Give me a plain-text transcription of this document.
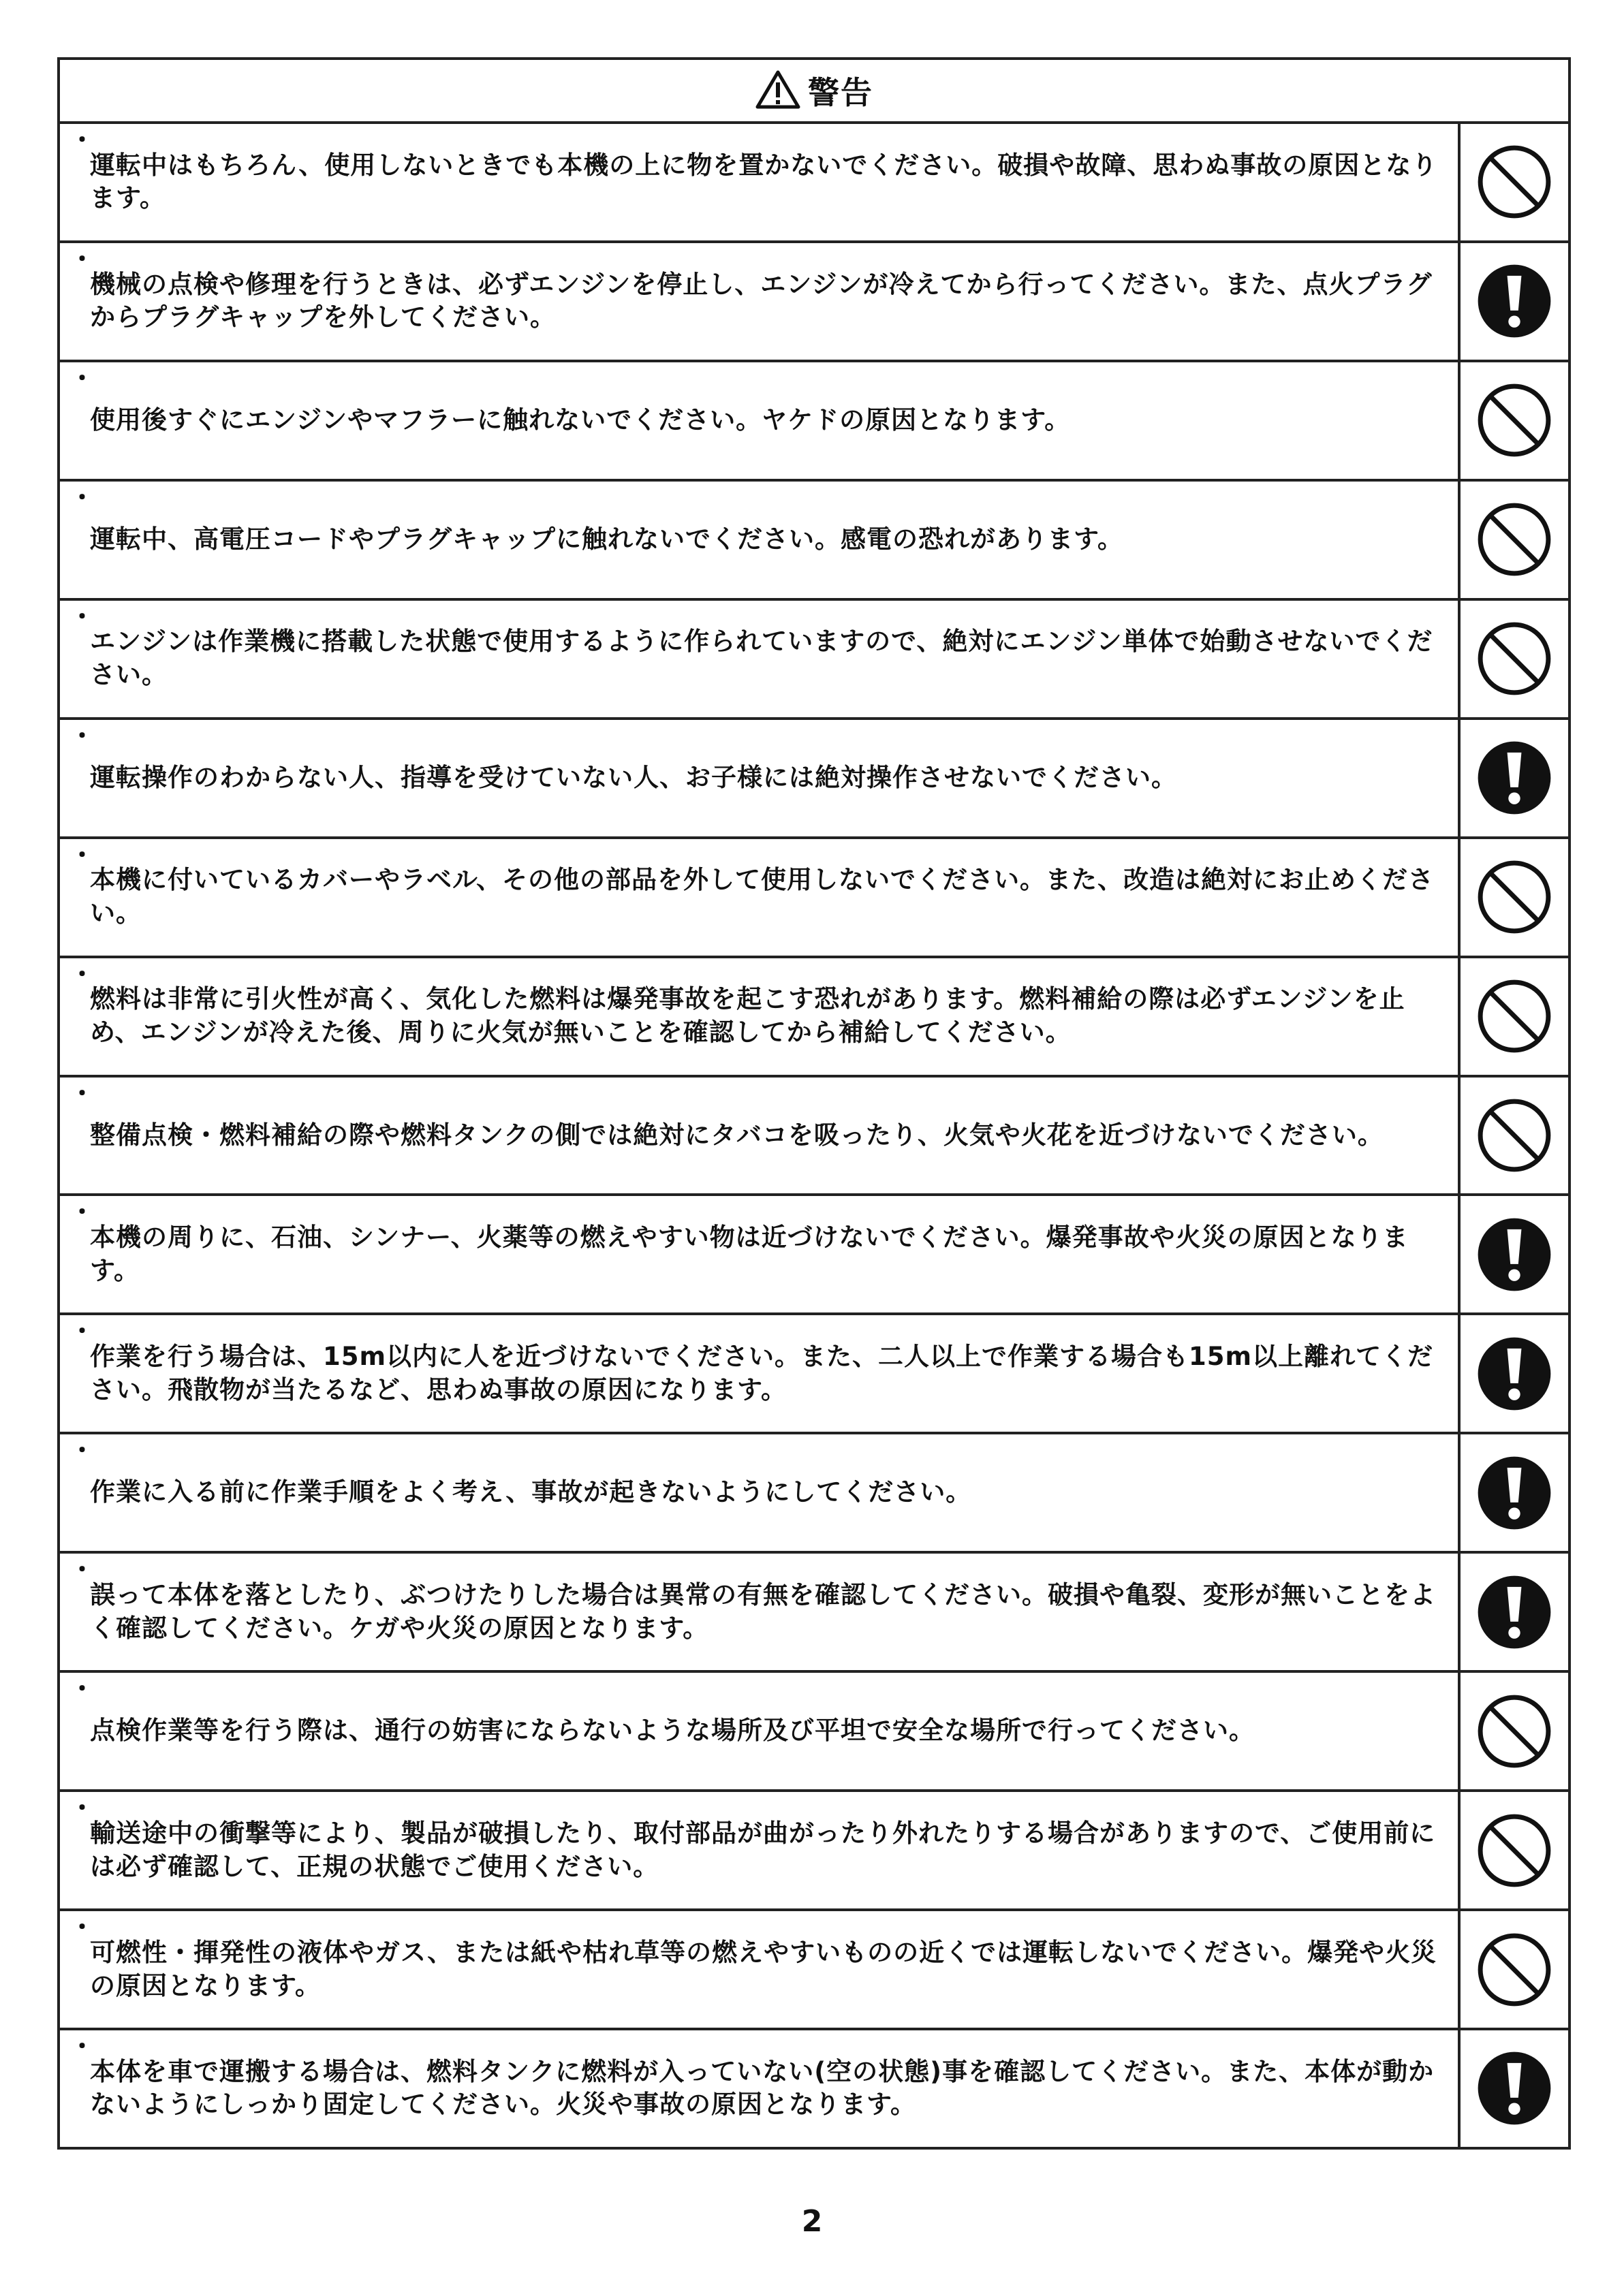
警告
・
運転中はもちろん、使用しないときでも本機の上に物を置かないでください。破損や故障、思わぬ事故の原因となります。
・
機械の点検や修理を行うときは、必ずエンジンを停止し、エンジンが冷えてから行ってください。また、点火プラグからプラグキャップを外してください。
・
使用後すぐにエンジンやマフラーに触れないでください。ヤケドの原因となります。
・
運転中、高電圧コードやプラグキャップに触れないでください。感電の恐れがあります。
・
エンジンは作業機に搭載した状態で使用するように作られていますので、絶対にエンジン単体で始動させないでください。
・
運転操作のわからない人、指導を受けていない人、お子様には絶対操作させないでください。
・
本機に付いているカバーやラベル、その他の部品を外して使用しないでください。また、改造は絶対にお止めください。
・
燃料は非常に引火性が高く、気化した燃料は爆発事故を起こす恐れがあります。燃料補給の際は必ずエンジンを止め、エンジンが冷えた後、周りに火気が無いことを確認してから補給してください。
・
整備点検・燃料補給の際や燃料タンクの側では絶対にタバコを吸ったり、火気や火花を近づけないでください。
・
本機の周りに、石油、シンナー、火薬等の燃えやすい物は近づけないでください。爆発事故や火災の原因となります。
・
作業を行う場合は、15m以内に人を近づけないでください。また、二人以上で作業する場合も15m以上離れてください。飛散物が当たるなど、思わぬ事故の原因になります。
・
作業に入る前に作業手順をよく考え、事故が起きないようにしてください。
・
誤って本体を落としたり、ぶつけたりした場合は異常の有無を確認してください。破損や亀裂、変形が無いことをよく確認してください。ケガや火災の原因となります。
・
点検作業等を行う際は、通行の妨害にならないような場所及び平坦で安全な場所で行ってください。
・
輸送途中の衝撃等により、製品が破損したり、取付部品が曲がったり外れたりする場合がありますので、ご使用前には必ず確認して、正規の状態でご使用ください。
・
可燃性・揮発性の液体やガス、または紙や枯れ草等の燃えやすいものの近くでは運転しないでください。爆発や火災の原因となります。
・
本体を車で運搬する場合は、燃料タンクに燃料が入っていない(空の状態)事を確認してください。また、本体が動かないようにしっかり固定してください。火災や事故の原因となります。
2
